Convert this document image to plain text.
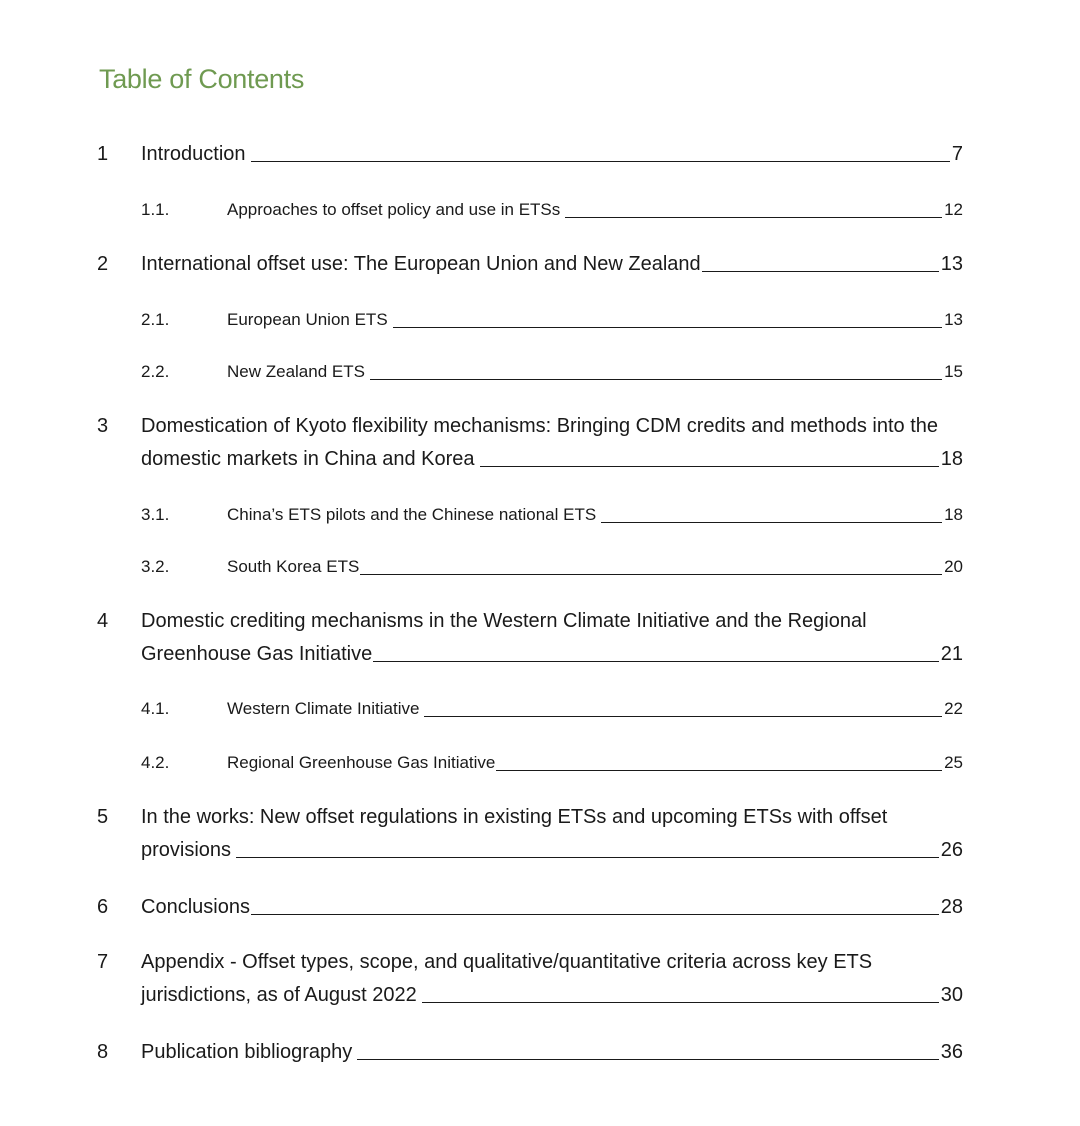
Table of Contents
1 Introduction	7
1.1.	Approaches to offset policy and use in ETSs	12
2 International offset use: The European Union and New Zealand	13
2.1.	European Union ETS	13
2.2.	New Zealand ETS	15
3 Domestication of Kyoto flexibility mechanisms: Bringing CDM credits and methods into the
domestic markets in China and Korea	18
3.1.	China’s ETS pilots and the Chinese national ETS	18
3.2.	South Korea ETS	20
4 Domestic crediting mechanisms in the Western Climate Initiative and the Regional
Greenhouse Gas Initiative	21
4.1.	Western Climate Initiative	22
4.2.	Regional Greenhouse Gas Initiative	25
5 In the works: New offset regulations in existing ETSs and upcoming ETSs with offset
provisions	26
6 Conclusions	28
7 Appendix - Offset types, scope, and qualitative/quantitative criteria across key ETS
jurisdictions, as of August 2022	30
8 Publication bibliography	36
